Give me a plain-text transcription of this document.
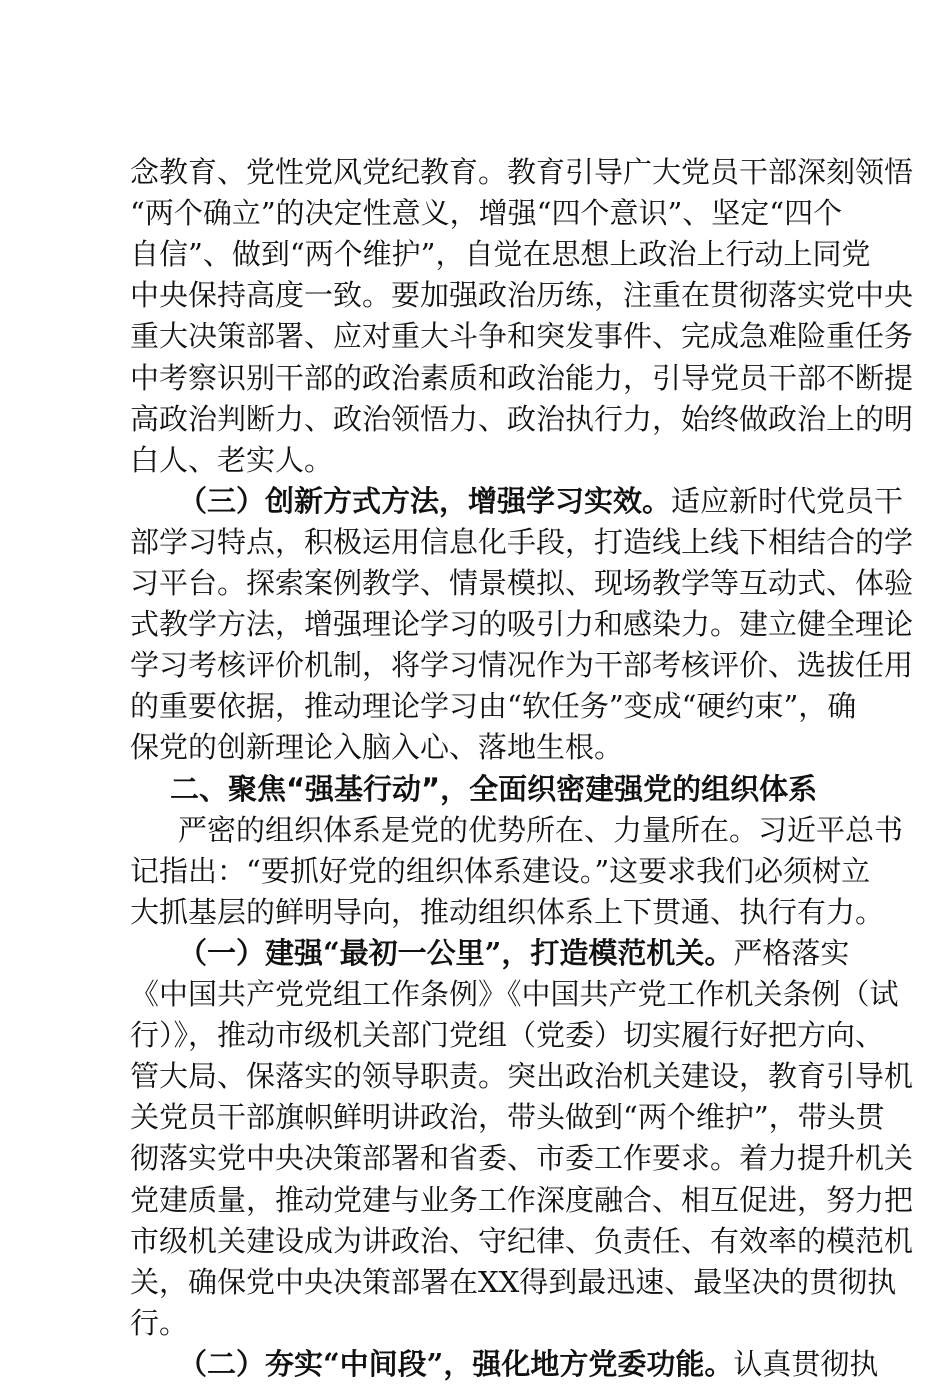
念教育、党性党风党纪教育。教育引导广大党员干部深刻领悟
“两个确立”的决定性意义，增强“四个意识”、坚定“四个
自信”、做到“两个维护”，自觉在思想上政治上行动上同党
中央保持高度一致。要加强政治历练，注重在贯彻落实党中央
重大决策部署、应对重大斗争和突发事件、完成急难险重任务
中考察识别干部的政治素质和政治能力，引导党员干部不断提
高政治判断力、政治领悟力、政治执行力，始终做政治上的明
白人、老实人。
（三）创新方式方法，增强学习实效。适应新时代党员干
部学习特点，积极运用信息化手段，打造线上线下相结合的学
习平台。探索案例教学、情景模拟、现场教学等互动式、体验
式教学方法，增强理论学习的吸引力和感染力。建立健全理论
学习考核评价机制，将学习情况作为干部考核评价、选拔任用
的重要依据，推动理论学习由“软任务”变成“硬约束”，确
保党的创新理论入脑入心、落地生根。
二、聚焦“强基行动”，全面织密建强党的组织体系
严密的组织体系是党的优势所在、力量所在。习近平总书
记指出：“要抓好党的组织体系建设。”这要求我们必须树立
大抓基层的鲜明导向，推动组织体系上下贯通、执行有力。
（一）建强“最初一公里”，打造模范机关。严格落实
《中国共产党党组工作条例》《中国共产党工作机关条例（试
行）》，推动市级机关部门党组（党委）切实履行好把方向、
管大局、保落实的领导职责。突出政治机关建设，教育引导机
关党员干部旗帜鲜明讲政治，带头做到“两个维护”，带头贯
彻落实党中央决策部署和省委、市委工作要求。着力提升机关
党建质量，推动党建与业务工作深度融合、相互促进，努力把
市级机关建设成为讲政治、守纪律、负责任、有效率的模范机
关，确保党中央决策部署在XX得到最迅速、最坚决的贯彻执
行。
（二）夯实“中间段”，强化地方党委功能。认真贯彻执
